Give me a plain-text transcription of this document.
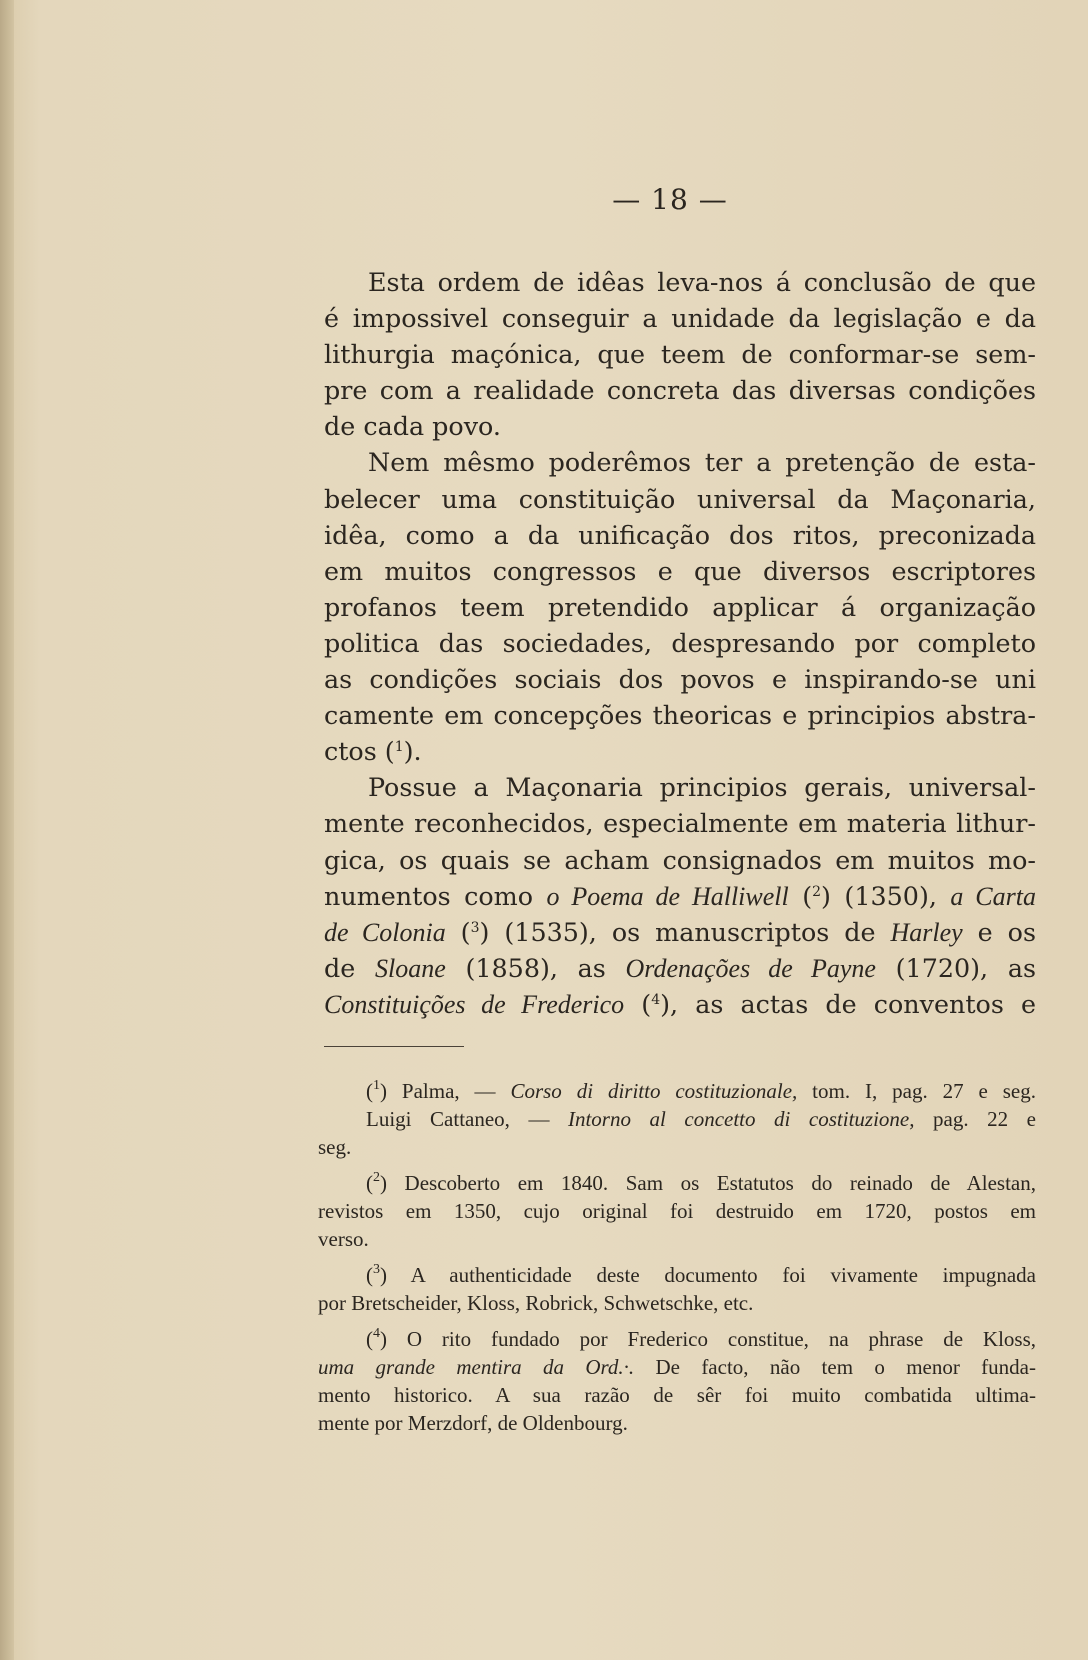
— 18 —
Esta ordem de idêas leva-nos á conclusão de que
é impossivel conseguir a unidade da legislação e da
lithurgia maçónica, que teem de conformar-se sem-
pre com a realidade concreta das diversas condições
de cada povo.
Nem mêsmo poderêmos ter a pretenção de esta-
belecer uma constituição universal da Maçonaria,
idêa, como a da unificação dos ritos, preconizada
em muitos congressos e que diversos escriptores
profanos teem pretendido applicar á organização
politica das sociedades, despresando por completo
as condições sociais dos povos e inspirando-se uni
camente em concepções theoricas e principios abstra-
ctos ($^1$).
Possue a Maçonaria principios gerais, universal-
mente reconhecidos, especialmente em materia lithur-
gica, os quais se acham consignados em muitos mo-
numentos como o Poema de Halliwell ($^2$) (1350), a Carta
de Colonia ($^3$) (1535), os manuscriptos de Harley e os
de Sloane (1858), as Ordenações de Payne (1720), as
Constituições de Frederico ($^4$), as actas de conventos e
($^1$) Palma, — Corso di diritto costituzionale, tom. I, pag. 27 e seg.
Luigi Cattaneo, — Intorno al concetto di costituzione, pag. 22 e
seg.
($^2$) Descoberto em 1840. Sam os Estatutos do reinado de Alestan,
revistos em 1350, cujo original foi destruido em 1720, postos em
verso.
($^3$) A authenticidade deste documento foi vivamente impugnada
por Bretscheider, Kloss, Robrick, Schwetschke, etc.
($^4$) O rito fundado por Frederico constitue, na phrase de Kloss,
uma grande mentira da Ord.·. De facto, não tem o menor funda-
mento historico. A sua razão de sêr foi muito combatida ultima-
mente por Merzdorf, de Oldenbourg.
